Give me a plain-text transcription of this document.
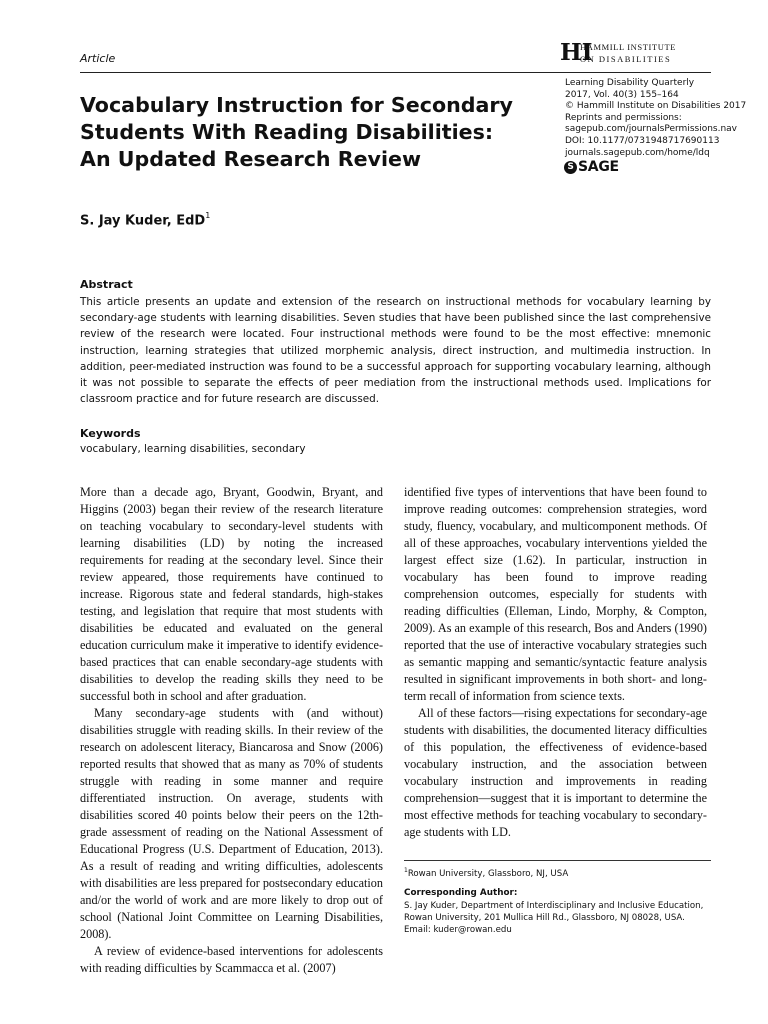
Article	HI
HAMMILL INSTITUTE
ON DISABILITIES
Learning Disability Quarterly
2017, Vol. 40(3) 155–164
© Hammill Institute on Disabilities 2017
Reprints and permissions:
sagepub.com/journalsPermissions.nav
DOI: 10.1177/0731948717690113
journals.sagepub.com/home/ldq
S SAGE
Vocabulary Instruction for Secondary Students With Reading Disabilities: An Updated Research Review
S. Jay Kuder, EdD$^1$
Abstract
This article presents an update and extension of the research on instructional methods for vocabulary learning by secondary-age students with learning disabilities. Seven studies that have been published since the last comprehensive review of the research were located. Four instructional methods were found to be the most effective: mnemonic instruction, learning strategies that utilized morphemic analysis, direct instruction, and multimedia instruction. In addition, peer-mediated instruction was found to be a successful approach for supporting vocabulary learning, although it was not possible to separate the effects of peer mediation from the instructional methods used. Implications for classroom practice and for future research are discussed.
Keywords
vocabulary, learning disabilities, secondary

More than a decade ago, Bryant, Goodwin, Bryant, and Higgins (2003) began their review of the research literature on teaching vocabulary to secondary-level students with learning disabilities (LD) by noting the increased requirements for reading at the secondary level. Since their review appeared, those requirements have continued to increase. Rigorous state and federal standards, high-stakes testing, and legislation that require that most students with disabilities be educated and evaluated on the general education curriculum make it imperative to identify evidence-based practices that can enable secondary-age students with disabilities to develop the reading skills they need to be successful both in school and after graduation.

Many secondary-age students with (and without) disabilities struggle with reading skills. In their review of the research on adolescent literacy, Biancarosa and Snow (2006) reported results that showed that as many as 70% of students struggle with reading in some manner and require differentiated instruction. On average, students with disabilities scored 40 points below their peers on the 12th-grade assessment of reading on the National Assessment of Educational Progress (U.S. Department of Education, 2013). As a result of reading and writing difficulties, adolescents with disabilities are less prepared for postsecondary education and/or the world of work and are more likely to drop out of school (National Joint Committee on Learning Disabilities, 2008).

A review of evidence-based interventions for adolescents with reading difficulties by Scammacca et al. (2007)

identified five types of interventions that have been found to improve reading outcomes: comprehension strategies, word study, fluency, vocabulary, and multicomponent methods. Of all of these approaches, vocabulary interventions yielded the largest effect size (1.62). In particular, instruction in vocabulary has been found to improve reading comprehension outcomes, especially for students with reading difficulties (Elleman, Lindo, Morphy, & Compton, 2009). As an example of this research, Bos and Anders (1990) reported that the use of interactive vocabulary strategies such as semantic mapping and semantic/syntactic feature analysis resulted in significant improvements in both short- and long-term recall of information from science texts.

All of these factors—rising expectations for secondary-age students with disabilities, the documented literacy difficulties of this population, the effectiveness of evidence-based vocabulary instruction, and the association between vocabulary instruction and improvements in reading comprehension—suggest that it is important to determine the most effective methods for teaching vocabulary to secondary-age students with LD.

$^1$Rowan University, Glassboro, NJ, USA
Corresponding Author:
S. Jay Kuder, Department of Interdisciplinary and Inclusive Education,
Rowan University, 201 Mullica Hill Rd., Glassboro, NJ 08028, USA.
Email: kuder@rowan.edu
